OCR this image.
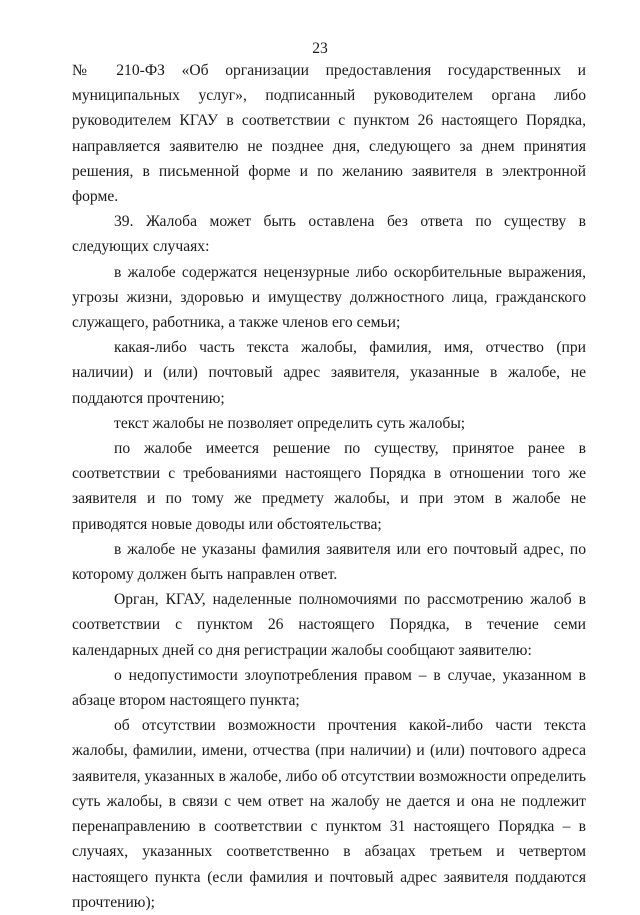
23

№ 210-ФЗ «Об организации предоставления государственных и муниципальных услуг», подписанный руководителем органа либо руководителем КГАУ в соответствии с пунктом 26 настоящего Порядка, направляется заявителю не позднее дня, следующего за днем принятия решения, в письменной форме и по желанию заявителя в электронной форме.

39. Жалоба может быть оставлена без ответа по существу в следующих случаях:

в жалобе содержатся нецензурные либо оскорбительные выражения, угрозы жизни, здоровью и имуществу должностного лица, гражданского служащего, работника, а также членов его семьи;

какая-либо часть текста жалобы, фамилия, имя, отчество (при наличии) и (или) почтовый адрес заявителя, указанные в жалобе, не поддаются прочтению;

текст жалобы не позволяет определить суть жалобы;

по жалобе имеется решение по существу, принятое ранее в соответствии с требованиями настоящего Порядка в отношении того же заявителя и по тому же предмету жалобы, и при этом в жалобе не приводятся новые доводы или обстоятельства;

в жалобе не указаны фамилия заявителя или его почтовый адрес, по которому должен быть направлен ответ.

Орган, КГАУ, наделенные полномочиями по рассмотрению жалоб в соответствии с пунктом 26 настоящего Порядка, в течение семи календарных дней со дня регистрации жалобы сообщают заявителю:

о недопустимости злоупотребления правом – в случае, указанном в абзаце втором настоящего пункта;

об отсутствии возможности прочтения какой-либо части текста жалобы, фамилии, имени, отчества (при наличии) и (или) почтового адреса заявителя, указанных в жалобе, либо об отсутствии возможности определить суть жалобы, в связи с чем ответ на жалобу не дается и она не подлежит перенаправлению в соответствии с пунктом 31 настоящего Порядка – в случаях, указанных соответственно в абзацах третьем и четвертом настоящего пункта (если фамилия и почтовый адрес заявителя поддаются прочтению);
